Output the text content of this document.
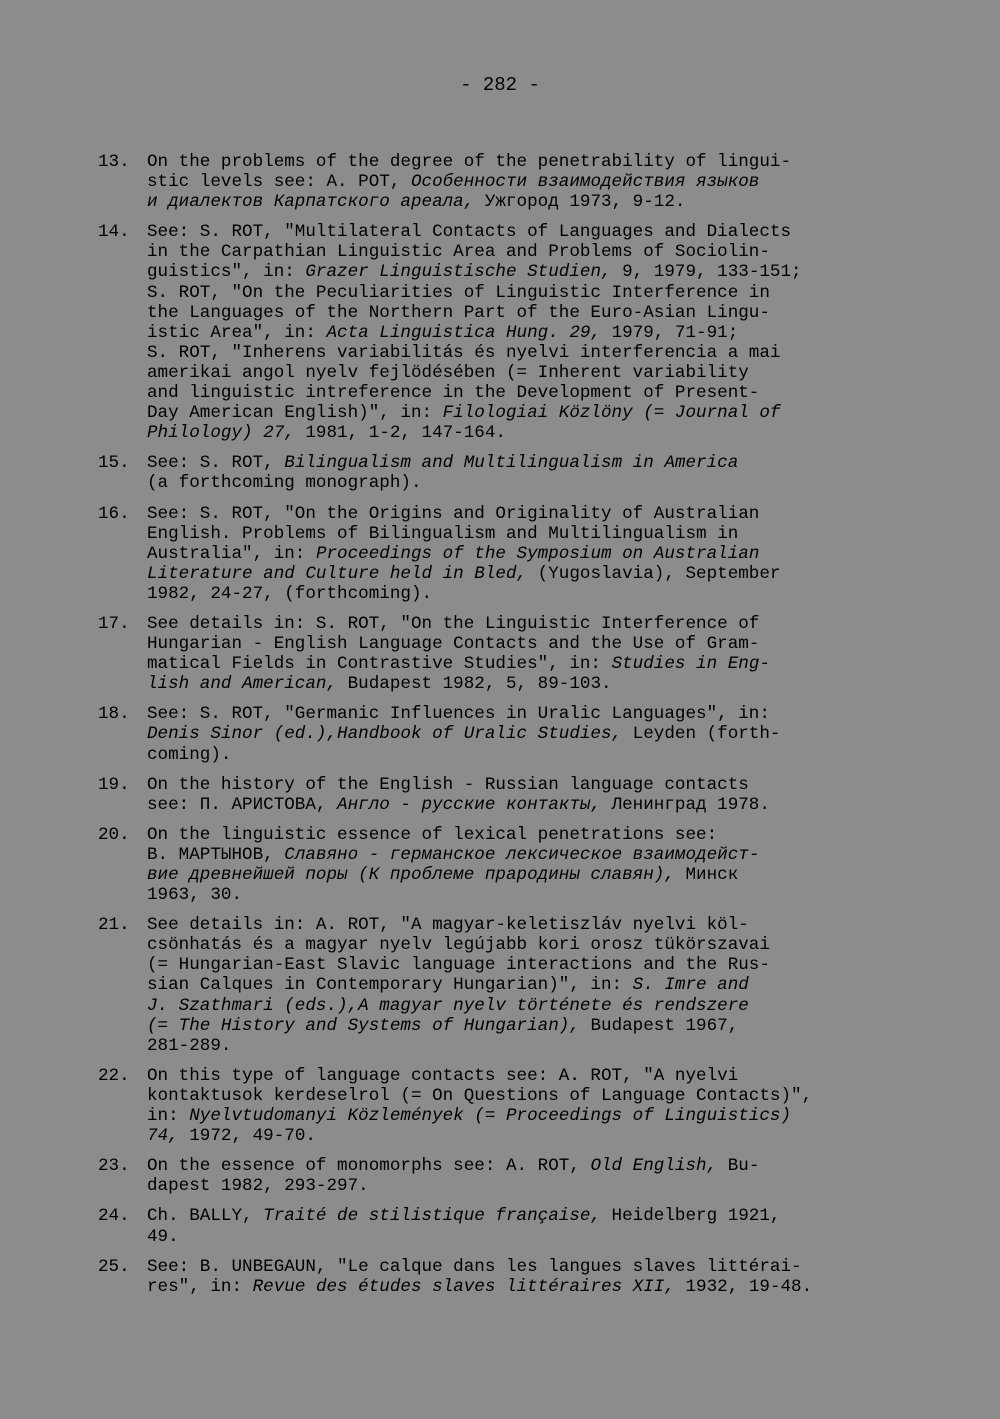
- 282 -
13. On the problems of the degree of the penetrability of lingui-
stic levels see: А. РОТ, Особенности взаимодействия языков
и диалектов Карпатского ареала, Ужгород 1973, 9-12.
14. See: S. ROT, "Multilateral Contacts of Languages and Dialects
in the Carpathian Linguistic Area and Problems of Sociolin-
guistics", in: Grazer Linguistische Studien, 9, 1979, 133-151;
S. ROT, "On the Peculiarities of Linguistic Interference in
the Languages of the Northern Part of the Euro-Asian Lingu-
istic Area", in: Acta Linguistica Hung. 29, 1979, 71-91;
S. ROT, "Inherens variabilitás és nyelvi interferencia a mai
amerikai angol nyelv fejlödésében (= Inherent variability
and linguistic intreference in the Development of Present-
Day American English)", in: Filologiai Közlöny (= Journal of
Philology) 27, 1981, 1-2, 147-164.
15. See: S. ROT, Bilingualism and Multilingualism in America
(a forthcoming monograph).
16. See: S. ROT, "On the Origins and Originality of Australian
English. Problems of Bilingualism and Multilingualism in
Australia", in: Proceedings of the Symposium on Australian
Literature and Culture held in Bled, (Yugoslavia), September
1982, 24-27, (forthcoming).
17. See details in: S. ROT, "On the Linguistic Interference of
Hungarian - English Language Contacts and the Use of Gram-
matical Fields in Contrastive Studies", in: Studies in Eng-
lish and American, Budapest 1982, 5, 89-103.
18. See: S. ROT, "Germanic Influences in Uralic Languages", in:
Denis Sinor (ed.),Handbook of Uralic Studies, Leyden (forth-
coming).
19. On the history of the English - Russian language contacts
see: П. АРИСТОВА, Англо - русские контакты, Ленинград 1978.
20. On the linguistic essence of lexical penetrations see:
В. МАРТЫНОВ, Славяно - германское лексическое взаимодейст-
вие древнейшей поры (К проблеме прародины славян), Минск
1963, 30.
21. See details in: A. ROT, "A magyar-keletiszláv nyelvi köl-
csönhatás és a magyar nyelv legújabb kori orosz tükörszavai
(= Hungarian-East Slavic language interactions and the Rus-
sian Calques in Contemporary Hungarian)", in: S. Imre and
J. Szathmari (eds.),A magyar nyelv története és rendszere
(= The History and Systems of Hungarian), Budapest 1967,
281-289.
22. On this type of language contacts see: A. ROT, "A nyelvi
kontaktusok kerdeselrol (= On Questions of Language Contacts)",
in: Nyelvtudomanyi Közlemények (= Proceedings of Linguistics)
74, 1972, 49-70.
23. On the essence of monomorphs see: A. ROT, Old English, Bu-
dapest 1982, 293-297.
24. Ch. BALLY, Traité de stilistique française, Heidelberg 1921,
49.
25. See: B. UNBEGAUN, "Le calque dans les langues slaves littérai-
res", in: Revue des études slaves littéraires XII, 1932, 19-48.
